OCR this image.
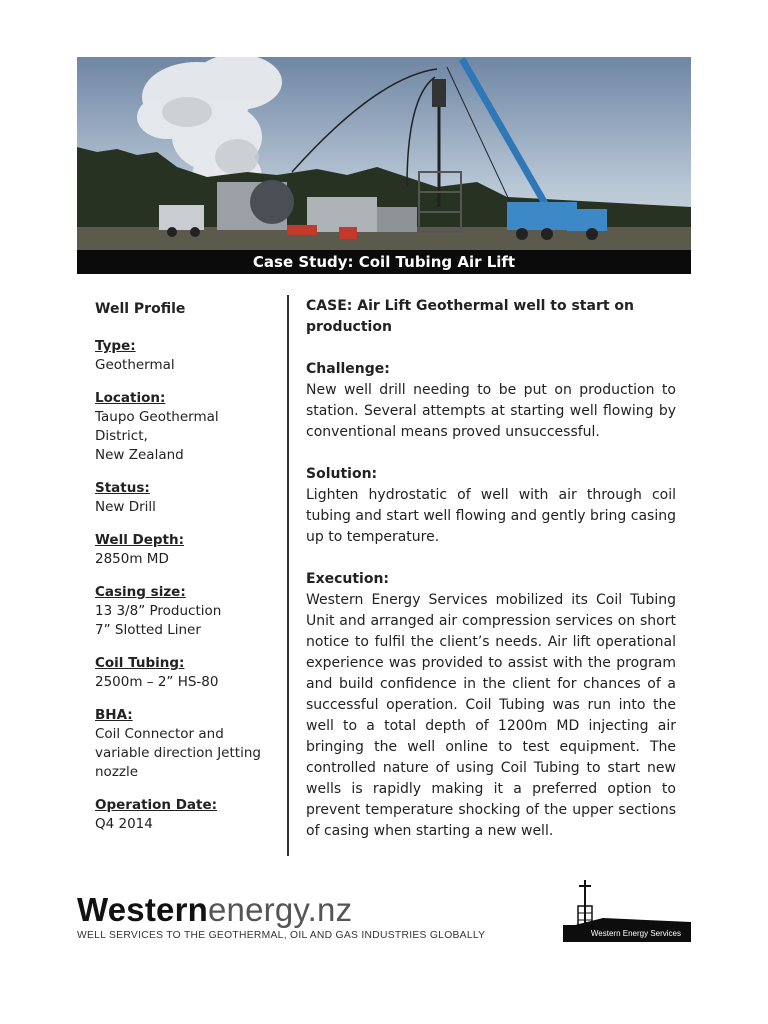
Case Study: Coil Tubing Air Lift
Well Profile
Type:
Geothermal
Location:
Taupo Geothermal
District,
New Zealand
Status:
New Drill
Well Depth:
2850m MD
Casing size:
13 3/8” Production
7” Slotted Liner
Coil Tubing:
2500m – 2” HS-80
BHA:
Coil Connector and
variable direction Jetting
nozzle
Operation Date:
Q4 2014
CASE: Air Lift Geothermal well to start on production
Challenge:
New well drill needing to be put on production to station. Several attempts at starting well flowing by conventional means proved unsuccessful.
Solution:
Lighten hydrostatic of well with air through coil tubing and start well flowing and gently bring casing up to temperature.
Execution:
Western Energy Services mobilized its Coil Tubing Unit and arranged air compression services on short notice to fulfil the client’s needs. Air lift operational experience was provided to assist with the program and build confidence in the client for chances of a successful operation. Coil Tubing was run into the well to a total depth of 1200m MD injecting air bringing the well online to test equipment. The controlled nature of using Coil Tubing to start new wells is rapidly making it a preferred option to prevent temperature shocking of the upper sections of casing when starting a new well.
Westernenergy.nz
WELL SERVICES TO THE GEOTHERMAL, OIL AND GAS INDUSTRIES GLOBALLY	Western Energy Services
